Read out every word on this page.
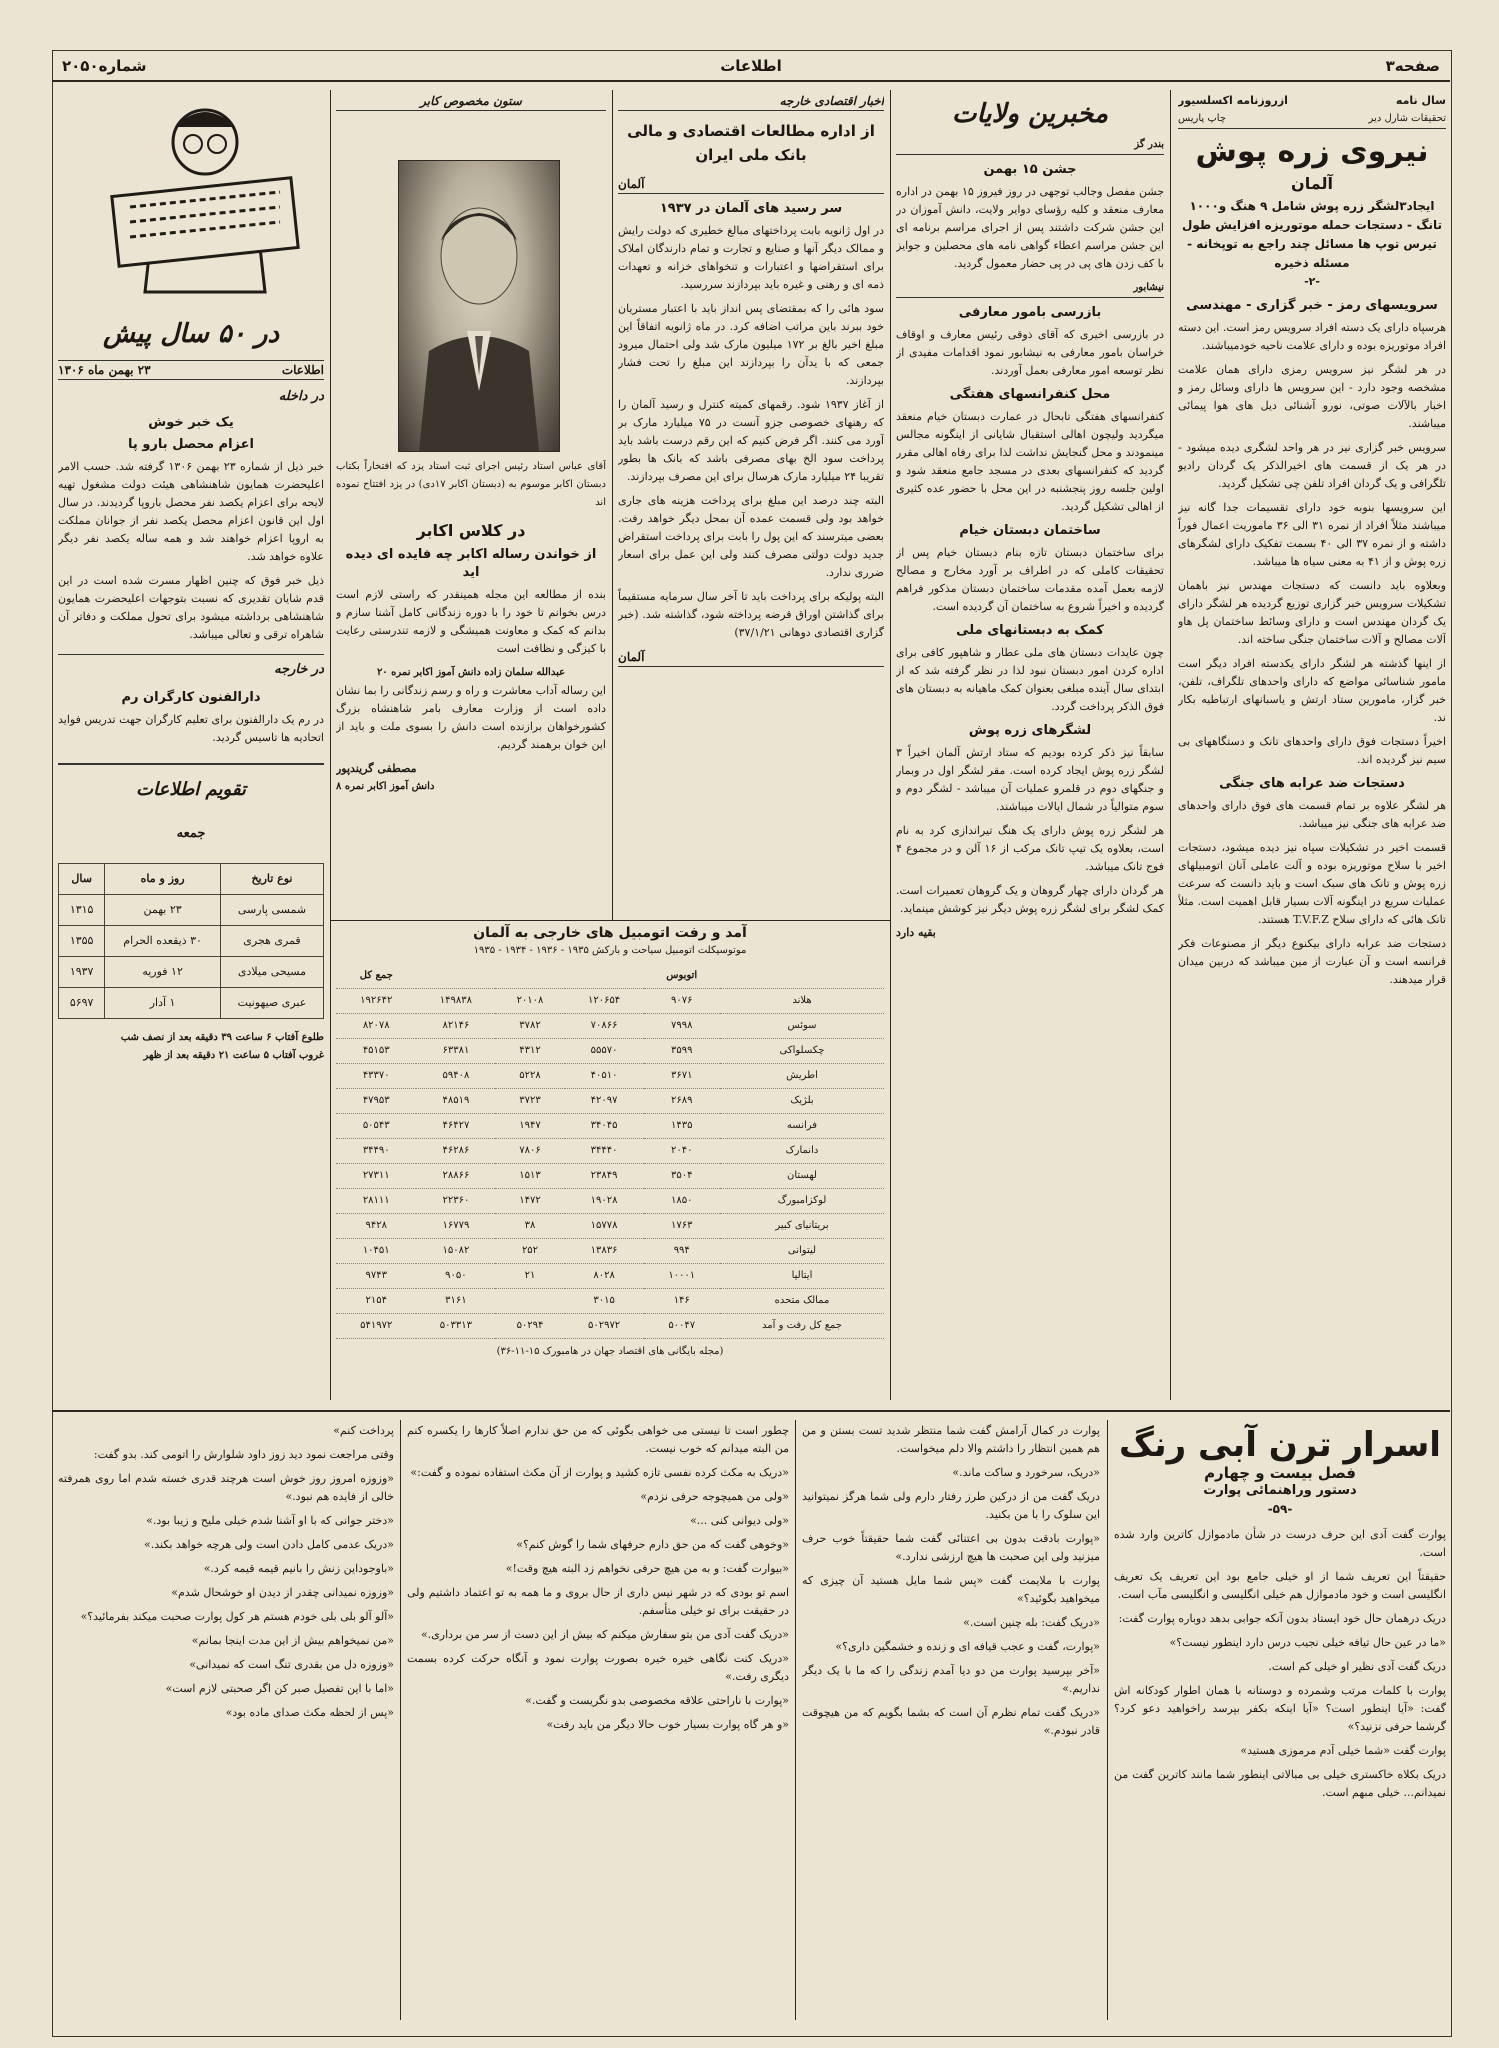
صفحه۳
اطلاعات
شماره۲۰۵۰
سال نامه
ازروزنامه اکسلسیور
تحقیقات شارل دیر
چاپ پاریس
نیروی زره پوش
آلمان
ایجاد۳لشگر زره پوش شامل ۹ هنگ و۱۰۰۰ تانگ - دستجات حمله موتوریزه افزایش طول تیرس توپ ها مسائل چند راجع به توپخانه - مسئله ذخیره
-۲-
سرویسهای رمز - خبر گزاری - مهندسی

هرسپاه دارای یک دسته افراد سرویس رمز است. این دسته افراد موتوریزه بوده و دارای علامت ناحیه خودمیباشند.

در هر لشگر نیز سرویس رمزی دارای همان علامت مشخصه وجود دارد - این سرویس ها دارای وسائل رمز و اخبار بالآلات صوتی، نورو آشنائی دیل های هوا پیمائی میباشند.

سرویس خبر گزاری نیز در هر واحد لشگری دیده میشود - در هر یک از قسمت های اخیرالذکر یک گردان رادیو تلگرافی و یک گردان افراد تلفن چی تشکیل گردید.

این سرویسها بنوبه خود دارای تقسیمات جدا گانه نیز میباشند مثلاً افراد از نمره ۳۱ الی ۳۶ ماموریت اعمال فوراً داشته و از نمره ۳۷ الی ۴۰ بسمت تفکیک دارای لشگرهای زره پوش و از ۴۱ به معنی سیاه ها میباشد.

وبعلاوه باید دانست که دستجات مهندس نیز باهمان تشکیلات سرویس خبر گزاری توزیع گردیده هر لشگر دارای یک گردان مهندس است و دارای وسائط ساختمان پل هاو آلات مصالح و آلات ساختمان جنگی ساخته اند.

از اینها گذشته هر لشگر دارای یکدسته افراد دیگر است مامور شناسائی مواضع که دارای واحدهای تلگراف، تلفن، خبر گزار، مامورین ستاد ارتش و یاسبانهای ارتباطیه بکار ند.

اخیراً دستجات فوق دارای واحدهای تانک و دستگاههای بی سیم نیز گردیده اند.

دستجات ضد عرابه های جنگی

هر لشگر علاوه بر تمام قسمت های فوق دارای واحدهای ضد عرابه های جنگی نیز میباشد.

قسمت اخیر در تشکیلات سپاه نیز دیده میشود، دستجات اخیر با سلاح موتوریزه بوده و آلت عاملی آنان اتومبیلهای زره پوش و تانک های سبک است و باید دانست که سرعت عملیات سریع در اینگونه آلات بسیار قابل اهمیت است. مثلاً تانک هائی که دارای سلاح T.V.F.Z هستند.

دستجات ضد عرابه دارای بیکنوع دیگر از مصنوعات فکر فرانسه است و آن عبارت از مین میباشد که دربین میدان قرار میدهند.

مخبرین ولایات
بندر گز
جشن ۱۵ بهمن

جشن مفصل وجالب توجهی در روز فیروز ۱۵ بهمن در اداره معارف منعقد و کلیه رؤسای دوایر ولایت، دانش آموزان در این جشن شرکت داشتند پس از اجرای مراسم برنامه ای این جشن مراسم اعطاء گواهی نامه های محصلین و جوایز با کف زدن های پی در پی حضار معمول گردید.

نیشابور
بازرسی بامور معارفی

در بازرسی اخیری که آقای ذوقی رئیس معارف و اوقاف خراسان بامور معارفی به نیشابور نمود اقدامات مفیدی از نظر توسعه امور معارفی بعمل آوردند.

محل کنفرانسهای هفتگی

کنفرانسهای هفتگی تابحال در عمارت دبستان خیام منعقد میگردید ولیچون اهالی استقبال شایانی از اینگونه مجالس مینمودند و محل گنجایش نداشت لذا برای رفاه اهالی مقرر گردید که کنفرانسهای بعدی در مسجد جامع منعقد شود و اولین جلسه روز پنجشنبه در این محل با حضور عده کثیری از اهالی تشکیل گردید.

ساختمان دبستان خیام

برای ساختمان دبستان تازه بنام دبستان خیام پس از تحقیقات کاملی که در اطراف بر آورد مخارج و مصالح لازمه بعمل آمده مقدمات ساختمان دبستان مذکور فراهم گردیده و اخیراً شروع به ساختمان آن گردیده است.

کمک به دبستانهای ملی

چون عایدات دبستان های ملی عطار و شاهپور کافی برای اداره کردن امور دبستان نبود لذا در نظر گرفته شد که از ابتدای سال آینده مبلغی بعنوان کمک ماهیانه به دبستان های فوق الذکر پرداخت گردد.

لشگرهای زره پوش

سابقاً نیز ذکر کرده بودیم که ستاد ارتش آلمان اخیراً ۳ لشگر زره پوش ایجاد کرده است. مقر لشگر اول در وبمار و جنگهای دوم در قلمرو عملیات آن میباشد - لشگر دوم و سوم متوالیاً در شمال ایالات میباشند.

هر لشگر زره پوش دارای یک هنگ تیراندازی کرد به نام است، بعلاوه یک تیپ تانک مرکب از ۱۶ آلن و در مجموع ۴ فوج تانک میباشد.

هر گردان دارای چهار گروهان و یک گروهان تعمیرات است. کمک لشگر برای لشگر زره پوش دیگر نیز کوشش مینماید.

بقیه دارد
اخبار اقتصادی خارجه
از اداره مطالعات اقتصادی و مالی بانک ملی ایران
آلمان
سر رسید های آلمان در ۱۹۳۷

در اول ژانویه بابت پرداختهای مبالغ خطیری که دولت رایش و ممالک دیگر آنها و صنایع و تجارت و تمام دارندگان املاک برای استقراضها و اعتبارات و تنخواهای خزانه و تعهدات ذمه ای و رهنی و غیره باید بپردازند سررسید.

سود هائی را که بمقتضای پس انداز باید با اعتبار مستریان خود ببرند باین مراتب اضافه کرد. در ماه ژانویه اتفاقاً این مبلغ اخیر بالغ بر ۱۷۲ میلیون مارک شد ولی احتمال میرود جمعی که با یدآن را بپردازند این مبلغ را تحت فشار بپردازند.

از آغاز ۱۹۳۷ شود. رقمهای کمیته کنترل و رسید آلمان را که رهنهای خصوصی جزو آنست در ۷۵ میلیارد مارک بر آورد می کنند. اگر فرض کنیم که این رقم درست باشد باید پرداخت سود الخ بهای مصرفی باشد که بانک ها بطور تقریبا ۲۴ میلیارد مارک هرسال برای این مصرف بپردازند.

البته چند درصد این مبلغ برای پرداخت هزینه های جاری خواهد بود ولی قسمت عمده آن بمحل دیگر خواهد رفت. بعضی میترسند که این پول را بابت برای پرداخت استقراض جدید دولت دولتی مصرف کنند ولی این عمل برای اسعار ضرری ندارد.

البته پولیکه برای پرداخت باید تا آخر سال سرمایه مستقیماً برای گذاشتن اوراق قرضه پرداخته شود، گذاشته شد. (خبر گزاری اقتصادی دوهانی ۳۷/۱/۲۱)

آلمان
ستون مخصوص کابر

آقای عباس استاد رئیس اجرای ثبت استاد یزد که افتخاراً بکتاب دبستان اکابر موسوم به (دبستان اکابر ۱۷دی) در یزد افتتاح نموده اند

در کلاس اکابر
از خواندن رساله اکابر چه فایده ای دیده اید

بنده از مطالعه این مجله همینقدر که راستی لازم است درس بخوانم تا خود را با دوره زندگانی کامل آشنا سازم و بدانم که کمک و معاونت همیشگی و لازمه تندرستی رعایت با کیزگی و نظافت است

عبدالله سلمان زاده دانش آموز اکابر نمره ۲۰

این رساله آداب معاشرت و راه و رسم زندگانی را بما نشان داده است از وزارت معارف بامر شاهنشاه بزرگ کشورخواهان برازنده است دانش را بسوی ملت و باید از این خوان برهمند گردیم.

مصطفی گریندپور
دانش آموز اکابر نمره ۸
در ۵۰ سال پیش
اطلاعات
۲۳ بهمن ماه ۱۳۰۶
در داخله
یک خبر خوش
اعزام محصل بارو پا

خبر ذیل از شماره ۲۳ بهمن ۱۳۰۶ گرفته شد. حسب الامر اعلیحضرت همایون شاهنشاهی هیئت دولت مشغول تهیه لایحه برای اعزام یکصد نفر محصل باروپا گردیدند. در سال اول این قانون اعزام محصل یکصد نفر از جوانان مملکت به اروپا اعزام خواهند شد و همه ساله یکصد نفر دیگر علاوه خواهد شد.

ذیل خبر فوق که چنین اظهار مسرت شده است در این قدم شایان تقدیری که نسبت بتوجهات اعلیحضرت همایون شاهنشاهی برداشته میشود برای تحول مملکت و دفاتر آن شاهراه ترقی و تعالی میباشد.

در خارجه
دارالفنون کارگران رم

در رم یک دارالفنون برای تعلیم کارگران جهت تدریس فواید اتحادیه ها تاسیس گردید.

تقویم اطلاعات
جمعه
نوع تاریخ	روز و ماه	سال
شمسی پارسی	۲۳ بهمن	۱۳۱۵
قمری هجری	۳۰ ذیقعده الحرام	۱۳۵۵
مسیحی میلادی	۱۲ فوریه	۱۹۳۷
عبری صیهونیت	۱ آدار	۵۶۹۷
طلوع آفتاب ۶ ساعت ۳۹ دقیقه بعد از نصف شب
غروب آفتاب ۵ ساعت ۲۱ دقیقه بعد از ظهر
آمد و رفت اتومبیل های خارجی به آلمان
موتوسیکلت اتومبیل سیاحت و بارکش ۱۹۳۵ - ۱۹۳۶ - ۱۹۳۴ - ۱۹۳۵
	اتوبوس				جمع کل
هلاند	۹۰۷۶	۱۲۰۶۵۴	۲۰۱۰۸	۱۴۹۸۳۸	۱۹۲۶۴۲
سوئس	۷۹۹۸	۷۰۸۶۶	۳۷۸۲	۸۲۱۴۶	۸۲۰۷۸
چکسلواکی	۳۵۹۹	۵۵۵۷۰	۴۳۱۲	۶۳۳۸۱	۴۵۱۵۳
اطریش	۳۶۷۱	۴۰۵۱۰	۵۲۲۸	۵۹۴۰۸	۴۳۳۷۰
بلژیک	۲۶۸۹	۴۲۰۹۷	۳۷۲۳	۴۸۵۱۹	۴۷۹۵۳
فرانسه	۱۴۳۵	۳۴۰۴۵	۱۹۴۷	۴۶۴۲۷	۵۰۵۴۳
دانمارک	۲۰۴۰	۳۴۴۴۰	۷۸۰۶	۴۶۲۸۶	۳۴۴۹۰
لهستان	۳۵۰۴	۲۳۸۴۹	۱۵۱۳	۲۸۸۶۶	۲۷۳۱۱
لوکزامبورگ	۱۸۵۰	۱۹۰۲۸	۱۴۷۲	۲۲۳۶۰	۲۸۱۱۱
بریتانیای کبیر	۱۷۶۳	۱۵۷۷۸	۳۸	۱۶۷۷۹	۹۴۲۸
لیتوانی	۹۹۴	۱۳۸۳۶	۲۵۲	۱۵۰۸۲	۱۰۴۵۱
ایتالیا	۱۰۰۰۱	۸۰۲۸	۲۱	۹۰۵۰	۹۷۴۳
ممالک متحده	۱۴۶	۳۰۱۵		۳۱۶۱	۲۱۵۴
جمع کل رفت و آمد	۵۰۰۴۷	۵۰۲۹۷۲	۵۰۲۹۴	۵۰۳۳۱۳	۵۴۱۹۷۲
(مجله بایگانی های اقتصاد جهان در هامبورک ۱۵-۱۱-۳۶)
اسرار ترن آبی رنگ
فصل بیست و چهارم
دستور وراهنمائی پوارت
-۵۹-

پوارت گفت آدی این حرف درست در شأن مادموازل کاترین وارد شده است.

حقیقتاً این تعریف شما از او خیلی جامع بود این تعریف یک تعریف انگلیسی است و خود مادموازل هم خیلی انگلیسی و انگلیسی مآب است.

دریک درهمان حال خود ایستاد بدون آنکه جوابی بدهد دوباره پوارت گفت:

«ما در عین حال تیافه خیلی نجیب درس دارد اینطور نیست؟»

دریک گفت آدی نظیر او خیلی کم است.

پوارت با کلمات مرتب وشمرده و دوستانه با همان اطوار کودکانه اش گفت: «آیا اینطور است؟ «آیا اینکه بکفر بپرسد راخواهید دعو کرد؟ گرشما حرفی نزنید؟»

پوارت گفت «شما خیلی آدم مرموزی هستید»

دریک بکلاه خاکستری خیلی بی مبالاتی اینطور شما مانند کاترین گفت من نمیدانم... خیلی مبهم است.

پوارت در کمال آرامش گفت شما منتظر شدید تست بستن و من هم همین انتظار را داشتم والا دلم میخواست.

«دریک، سرخورد و ساکت ماند.»

دریک گفت من از درکین طرز رفتار دارم ولی شما هرگز نمیتوانید این سلوک را با من بکنید.

«پوارت بادقت بدون بی اعتنائی گفت شما حقیقتاً خوب حرف میزنید ولی این صحبت ها هیچ ارزشی ندارد.»

پوارت با ملایمت گفت «پس شما مایل هستید آن چیزی که میخواهید بگوئید؟»

«دریک گفت: بله چنین است.»

«پوارت، گفت و عجب قیافه ای و زنده و خشمگین داری؟»

«آخر بپرسید پوارت من دو دیا آمدم زندگی را که ما با یک دیگر نداریم.»

«دریک گفت تمام نظرم آن است که بشما بگویم که من هیچوقت قادر نبودم.»

چطور است تا نیستی می خواهی بگوئی که من حق ندارم اصلاً کارها را یکسره کنم من البته میدانم که خوب نیست.

«دریک به مکث کرده نفسی تازه کشید و پوارت از آن مکث استفاده نموده و گفت:»

«ولی من همیچوجه حرفی نزدم»

«ولی دیوانی کنی ...»

«وخوهی گفت که من حق دارم حرفهای شما را گوش کنم؟»

«بیوارت گفت: و به من هیچ حرفی نخواهم زد البته هیچ وقت!»

اسم تو بودی که در شهر نیس داری از حال بروی و ما همه به تو اعتماد داشتیم ولی در حقیقت برای تو خیلی متأسفم.

«دریک گفت آدی من بتو سفارش میکنم که بیش از این دست از سر من برداری.»

«دریک کنت نگاهی خیره خیره بصورت پوارت نمود و آنگاه حرکت کرده بسمت دیگری رفت.»

«پوارت با ناراحتی علاقه مخصوصی بدو نگریست و گفت.»

«و هر گاه پوارت بسیار خوب حالا دیگر من باید رفت»

پرداخت کنم»

وقتی مراجعت نمود دید زوز داود شلوارش را اتومی کند. بدو گفت:

«وزوزه امروز روز خوش است هرچند قدری خسته شدم اما روی همرفته خالی از فایده هم نبود.»

«دختر جوانی که با او آشنا شدم خیلی ملیح و زیبا بود.»

«دریک عدمی کامل دادن است ولی هرچه خواهد بکند.»

«باوجوداین زنش را بانیم قیمه قیمه کرد.»

«وزوزه نمیدانی چقدر از دیدن او خوشحال شدم»

«آلو آلو بلی بلی خودم هستم هر کول پوارت صحبت میکند بفرمائید؟»

«من نمیخواهم بیش از این مدت اینجا بمانم»

«وزوزه دل من بقدری تنگ است که نمیدانی»

«اما با این تفصیل صبر کن اگر صحبتی لازم است»

«پس از لحظه مکث صدای ماده بود»
